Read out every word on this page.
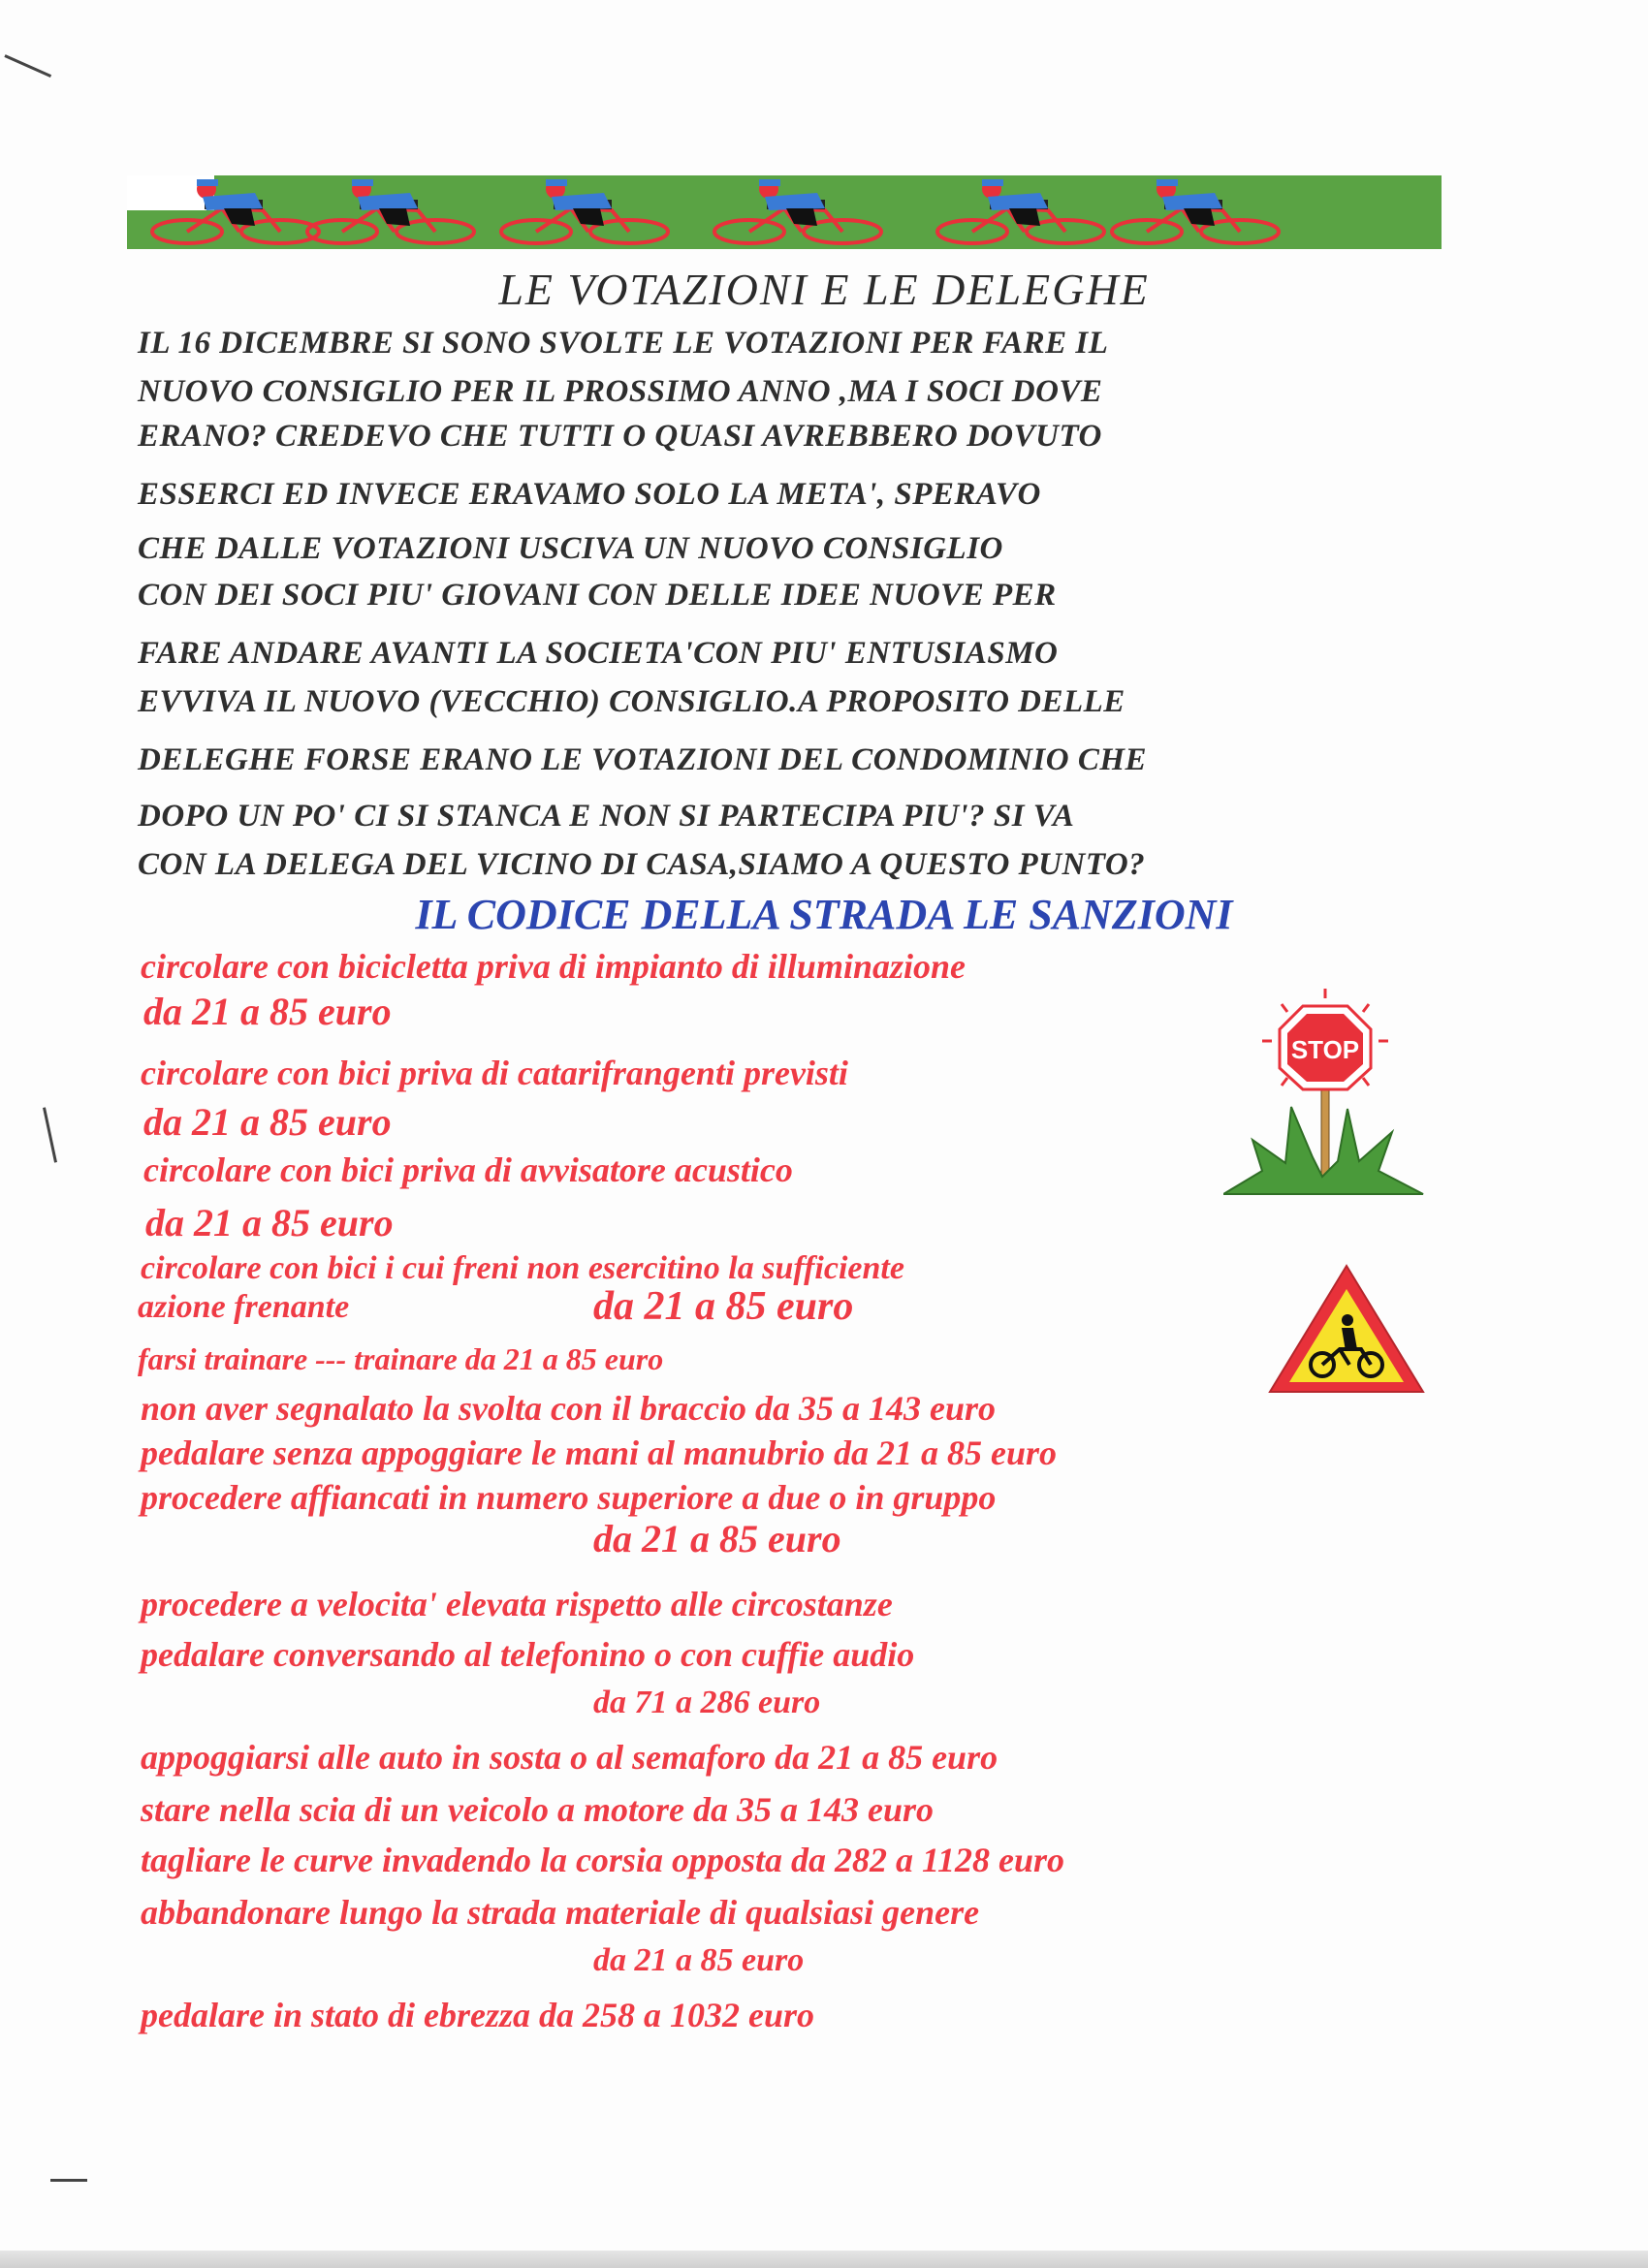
LE VOTAZIONI E LE DELEGHE
IL 16 DICEMBRE SI SONO SVOLTE LE VOTAZIONI PER FARE IL
NUOVO CONSIGLIO PER IL PROSSIMO ANNO ,MA I SOCI DOVE
ERANO? CREDEVO CHE TUTTI O QUASI AVREBBERO DOVUTO
ESSERCI ED INVECE ERAVAMO SOLO LA META', SPERAVO
CHE DALLE VOTAZIONI USCIVA UN NUOVO CONSIGLIO
CON DEI SOCI PIU' GIOVANI CON DELLE IDEE NUOVE PER
FARE ANDARE AVANTI LA SOCIETA'CON PIU' ENTUSIASMO
EVVIVA IL NUOVO (VECCHIO) CONSIGLIO.A PROPOSITO DELLE
DELEGHE FORSE ERANO LE VOTAZIONI DEL CONDOMINIO CHE
DOPO UN PO' CI SI STANCA E NON SI PARTECIPA PIU'? SI VA
CON LA DELEGA DEL VICINO DI CASA,SIAMO A QUESTO PUNTO?
IL CODICE DELLA STRADA LE SANZIONI
circolare con bicicletta priva di impianto di illuminazione
da 21 a 85 euro
circolare con bici priva di catarifrangenti previsti
da 21 a 85 euro
circolare con bici priva di avvisatore acustico
da 21 a 85 euro
circolare con bici i cui freni non esercitino la sufficiente
azione frenante	da 21 a 85 euro
farsi trainare --- trainare da 21 a 85 euro
non aver segnalato la svolta con il braccio da 35 a 143 euro
pedalare senza appoggiare le mani al manubrio da 21 a 85 euro
procedere affiancati in numero superiore a due o in gruppo
da 21 a 85 euro
procedere a velocita' elevata rispetto alle circostanze
pedalare conversando al telefonino o con cuffie audio
da 71 a 286 euro
appoggiarsi alle auto in sosta o al semaforo da 21 a 85 euro
stare nella scia di un veicolo a motore da 35 a 143 euro
tagliare le curve invadendo la corsia opposta da 282 a 1128 euro
abbandonare lungo la strada materiale di qualsiasi genere
da 21 a 85 euro
pedalare in stato di ebrezza da 258 a 1032 euro
STOP
